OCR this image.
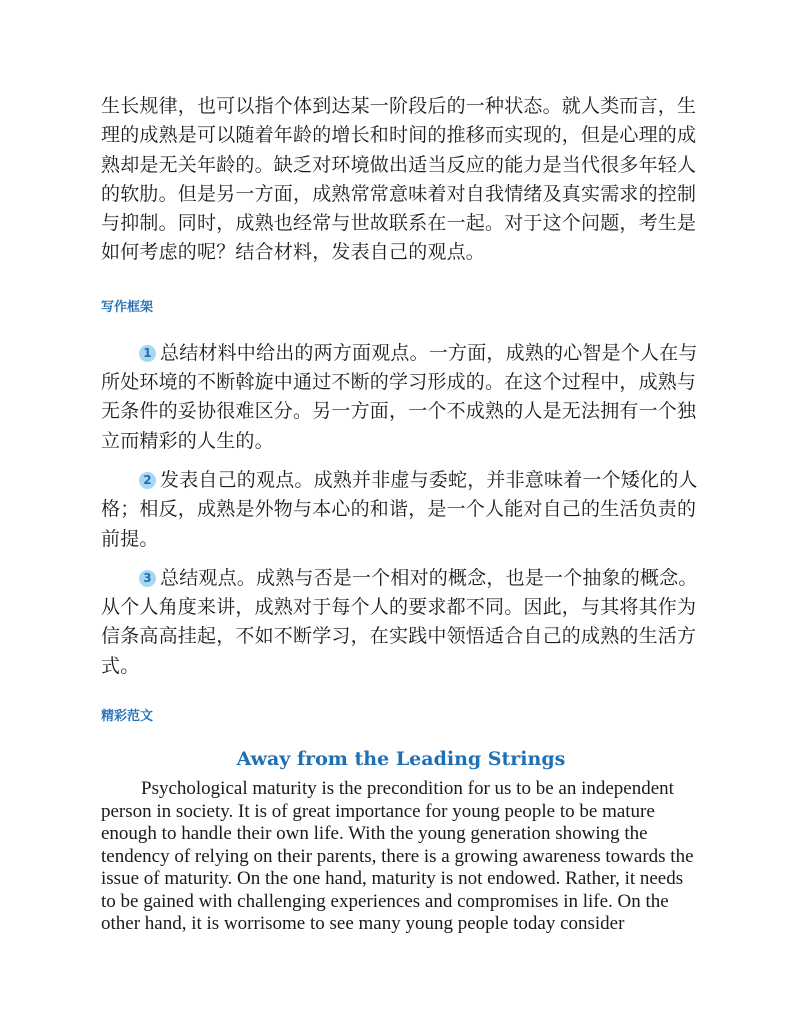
生长规律，也可以指个体到达某一阶段后的一种状态。就人类而言，生理的成熟是可以随着年龄的增长和时间的推移而实现的，但是心理的成熟却是无关年龄的。缺乏对环境做出适当反应的能力是当代很多年轻人的软肋。但是另一方面，成熟常常意味着对自我情绪及真实需求的控制与抑制。同时，成熟也经常与世故联系在一起。对于这个问题，考生是如何考虑的呢？结合材料，发表自己的观点。

写作框架

1 总结材料中给出的两方面观点。一方面，成熟的心智是个人在与所处环境的不断斡旋中通过不断的学习形成的。在这个过程中，成熟与无条件的妥协很难区分。另一方面，一个不成熟的人是无法拥有一个独立而精彩的人生的。

2 发表自己的观点。成熟并非虚与委蛇，并非意味着一个矮化的人格；相反，成熟是外物与本心的和谐，是一个人能对自己的生活负责的前提。

3 总结观点。成熟与否是一个相对的概念，也是一个抽象的概念。从个人角度来讲，成熟对于每个人的要求都不同。因此，与其将其作为信条高高挂起，不如不断学习，在实践中领悟适合自己的成熟的生活方式。

精彩范文
Away from the Leading Strings

Psychological maturity is the precondition for us to be an independent person in society. It is of great importance for young people to be mature enough to handle their own life. With the young generation showing the tendency of relying on their parents, there is a growing awareness towards the issue of maturity. On the one hand, maturity is not endowed. Rather, it needs to be gained with challenging experiences and compromises in life. On the other hand, it is worrisome to see many young people today consider
